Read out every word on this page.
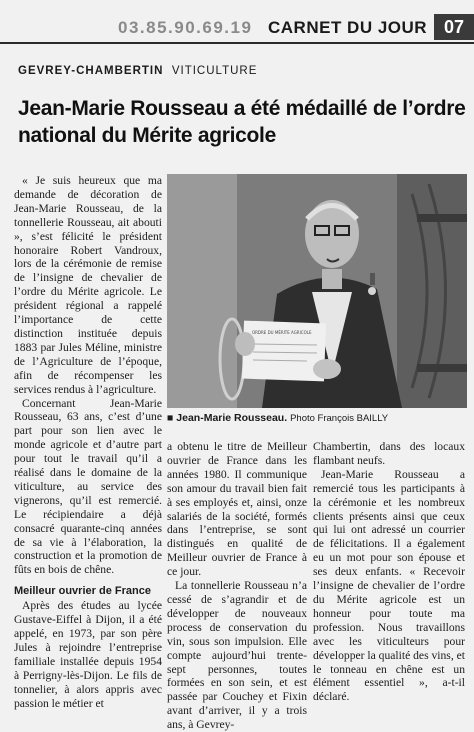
03.85.90.69.19 CARNET DU JOUR 07
GEVREY-CHAMBERTIN VITICULTURE
Jean-Marie Rousseau a été médaillé de l’ordre national du Mérite agricole

« Je suis heureux que ma demande de décoration de Jean-Marie Rousseau, de la tonnellerie Rousseau, ait abouti », s’est félicité le président honoraire Robert Vandroux, lors de la cérémonie de remise de l’insigne de chevalier de l’ordre du Mérite agricole. Le président régional a rappelé l’importance de cette distinction instituée depuis 1883 par Jules Méline, ministre de l’Agriculture de l’époque, afin de récompenser les services rendus à l’agriculture.

Concernant Jean-Marie Rousseau, 63 ans, c’est d’une part pour son lien avec le monde agricole et d’autre part pour tout le travail qu’il a réalisé dans le domaine de la viticulture, au service des vignerons, qu’il est remercié. Le récipiendaire a déjà consacré quarante-cinq années de sa vie à l’élaboration, la construction et la promotion de fûts en bois de chêne.

Meilleur ouvrier de France

Après des études au lycée Gustave-Eiffel à Dijon, il a été appelé, en 1973, par son père Jules à rejoindre l’entreprise familiale installée depuis 1954 à Perrigny-lès-Dijon. Le fils de tonnelier, à alors appris avec passion le métier et

ORDRE DU MÉRITE AGRICOLE
■ Jean-Marie Rousseau. Photo François BAILLY

a obtenu le titre de Meilleur ouvrier de France dans les années 1980. Il communique son amour du travail bien fait à ses employés et, ainsi, onze salariés de la société, formés dans l’entreprise, se sont distingués en qualité de Meilleur ouvrier de France à ce jour.

La tonnellerie Rousseau n’a cessé de s’agrandir et de développer de nouveaux process de conservation du vin, sous son impulsion. Elle compte aujourd’hui trente-sept personnes, toutes formées en son sein, et est passée par Couchey et Fixin avant d’arriver, il y a trois ans, à Gevrey-

Chambertin, dans des locaux flambant neufs.

Jean-Marie Rousseau a remercié tous les participants à la cérémonie et les nombreux clients présents ainsi que ceux qui lui ont adressé un courrier de félicitations. Il a également eu un mot pour son épouse et ses deux enfants. « Recevoir l’insigne de chevalier de l’ordre du Mérite agricole est un honneur pour toute ma profession. Nous travaillons avec les viticulteurs pour développer la qualité des vins, et le tonneau en chêne est un élément essentiel », a-t-il déclaré.
